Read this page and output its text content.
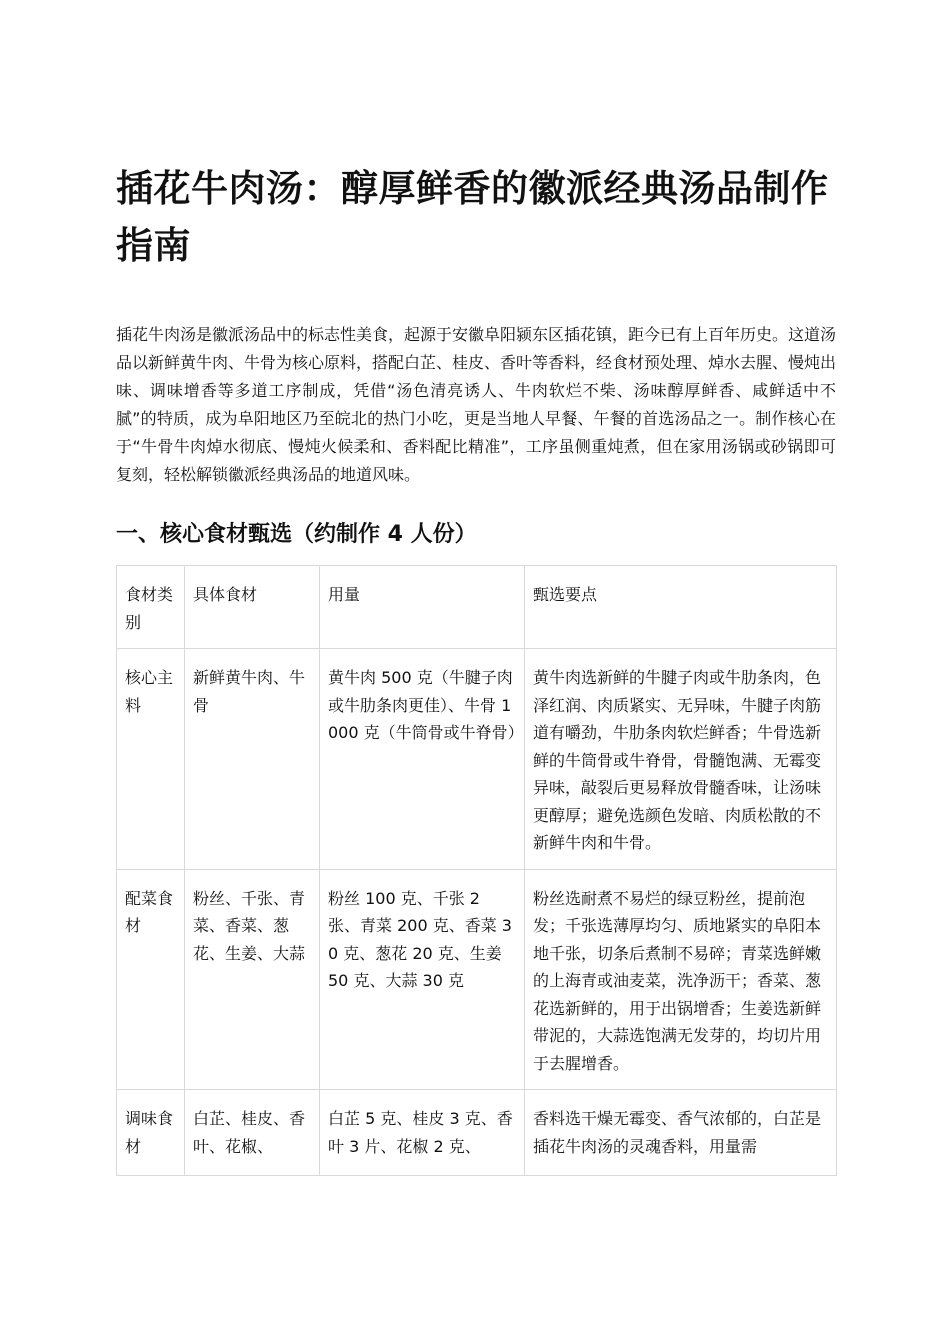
插花牛肉汤：醇厚鲜香的徽派经典汤品制作指南

插花牛肉汤是徽派汤品中的标志性美食，起源于安徽阜阳颍东区插花镇，距今已有上百年历史。这道汤品以新鲜黄牛肉、牛骨为核心原料，搭配白芷、桂皮、香叶等香料，经食材预处理、焯水去腥、慢炖出味、调味增香等多道工序制成，凭借“汤色清亮诱人、牛肉软烂不柴、汤味醇厚鲜香、咸鲜适中不腻”的特质，成为阜阳地区乃至皖北的热门小吃，更是当地人早餐、午餐的首选汤品之一。制作核心在于“牛骨牛肉焯水彻底、慢炖火候柔和、香料配比精准”，工序虽侧重炖煮，但在家用汤锅或砂锅即可复刻，轻松解锁徽派经典汤品的地道风味。

一、核心食材甄选（约制作 4 人份）
食材类别	具体食材	用量	甄选要点
核心主料	新鲜黄牛肉、牛骨	黄牛肉 500 克（牛腱子肉或牛肋条肉更佳）、牛骨 1000 克（牛筒骨或牛脊骨）	黄牛肉选新鲜的牛腱子肉或牛肋条肉，色泽红润、肉质紧实、无异味，牛腱子肉筋道有嚼劲，牛肋条肉软烂鲜香；牛骨选新鲜的牛筒骨或牛脊骨，骨髓饱满、无霉变异味，敲裂后更易释放骨髓香味，让汤味更醇厚；避免选颜色发暗、肉质松散的不新鲜牛肉和牛骨。
配菜食材	粉丝、千张、青菜、香菜、葱花、生姜、大蒜	粉丝 100 克、千张 2 张、青菜 200 克、香菜 30 克、葱花 20 克、生姜 50 克、大蒜 30 克	粉丝选耐煮不易烂的绿豆粉丝，提前泡发；千张选薄厚均匀、质地紧实的阜阳本地千张，切条后煮制不易碎；青菜选鲜嫩的上海青或油麦菜，洗净沥干；香菜、葱花选新鲜的，用于出锅增香；生姜选新鲜带泥的，大蒜选饱满无发芽的，均切片用于去腥增香。
调味食材	白芷、桂皮、香叶、花椒、	白芷 5 克、桂皮 3 克、香叶 3 片、花椒 2 克、	香料选干燥无霉变、香气浓郁的，白芷是插花牛肉汤的灵魂香料，用量需
